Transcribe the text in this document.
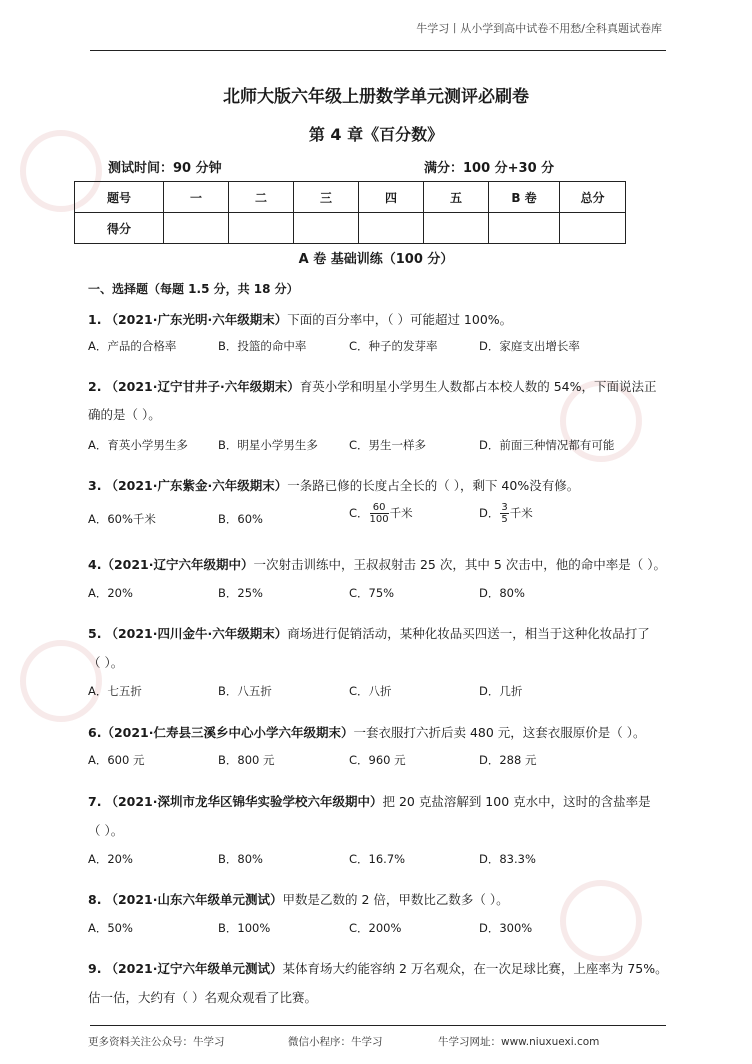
牛学习丨从小学到高中试卷不用愁/全科真题试卷库
北师大版六年级上册数学单元测评必刷卷
第 4 章《百分数》
测试时间：90 分钟	满分：100 分+30 分
题号	一	二	三	四	五	B 卷	总分
得分							
A 卷 基础训练（100 分）
一、选择题（每题 1.5 分，共 18 分）
1. （2021·广东光明·六年级期末）下面的百分率中，（ ）可能超过 100%。
A．产品的合格率	B．投篮的命中率	C．种子的发芽率	D．家庭支出增长率
2. （2021·辽宁甘井子·六年级期末）育英小学和明星小学男生人数都占本校人数的 54%，下面说法正
确的是（ ）。
A．育英小学男生多	B．明星小学男生多	C．男生一样多	D．前面三种情况都有可能
3. （2021·广东紫金·六年级期末）一条路已修的长度占全长的（ ），剩下 40%没有修。
A．60%千米	B．60%	C． $\frac{60}{100}$ 千米	D． $\frac{3}{5}$ 千米
4.（2021·辽宁六年级期中）一次射击训练中，王叔叔射击 25 次，其中 5 次击中，他的命中率是（ ）。
A．20%	B．25%	C．75%	D．80%
5. （2021·四川金牛·六年级期末）商场进行促销活动，某种化妆品买四送一，相当于这种化妆品打了
（ ）。
A．七五折	B．八五折	C．八折	D．几折
6.（2021·仁寿县三溪乡中心小学六年级期末）一套衣服打六折后卖 480 元，这套衣服原价是（ ）。
A．600 元	B．800 元	C．960 元	D．288 元
7. （2021·深圳市龙华区锦华实验学校六年级期中）把 20 克盐溶解到 100 克水中，这时的含盐率是
（ ）。
A．20%	B．80%	C．16.7%	D．83.3%
8. （2021·山东六年级单元测试）甲数是乙数的 2 倍，甲数比乙数多（ ）。
A．50%	B．100%	C．200%	D．300%
9. （2021·辽宁六年级单元测试）某体育场大约能容纳 2 万名观众，在一次足球比赛，上座率为 75%。
估一估，大约有（ ）名观众观看了比赛。
更多资料关注公众号：牛学习	微信小程序：牛学习	牛学习网址：www.niuxuexi.com
